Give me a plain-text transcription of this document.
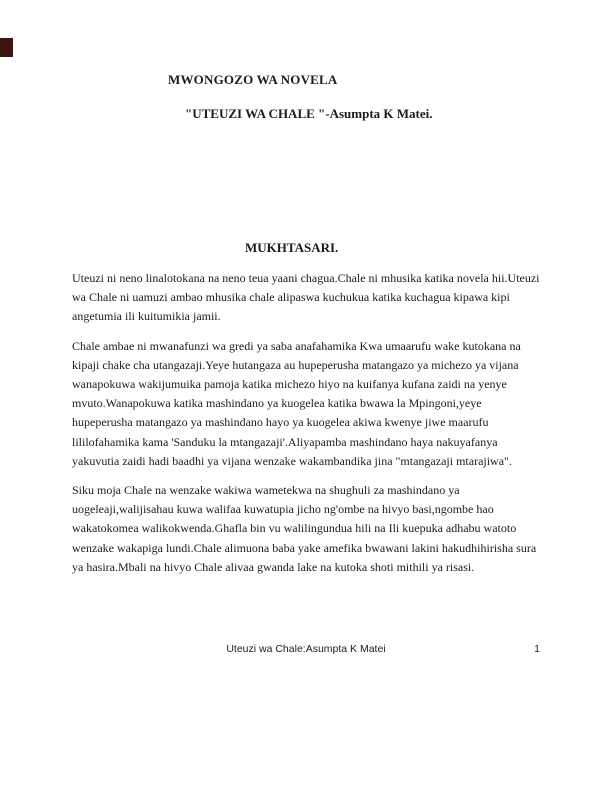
MWONGOZO WA NOVELA
"UTEUZI WA CHALE "-Asumpta K Matei.
MUKHTASARI.

Uteuzi ni neno linalotokana na neno teua yaani chagua.Chale ni mhusika katika novela hii.Uteuzi wa Chale ni uamuzi ambao mhusika chale alipaswa kuchukua katika kuchagua kipawa kipi angetumia ili kuitumikia jamii.

Chale ambae ni mwanafunzi wa gredi ya saba anafahamika Kwa umaarufu wake kutokana na kipaji chake cha utangazaji.Yeye hutangaza au hupeperusha matangazo ya michezo ya vijana wanapokuwa wakijumuika pamoja katika michezo hiyo na kuifanya kufana zaidi na yenye mvuto.Wanapokuwa katika mashindano ya kuogelea katika bwawa la Mpingoni,yeye hupeperusha matangazo ya mashindano hayo ya kuogelea akiwa kwenye jiwe maarufu lililofahamika kama 'Sanduku la mtangazaji'.Aliyapamba mashindano haya nakuyafanya yakuvutia zaidi hadi baadhi ya vijana wenzake wakambandika jina "mtangazaji mtarajiwa".

Siku moja Chale na wenzake wakiwa wametekwa na shughuli za mashindano ya uogeleaji,walijisahau kuwa walifaa kuwatupia jicho ng'ombe na hivyo basi,ngombe hao wakatokomea walikokwenda.Ghafla bin vu walilingundua hili na Ili kuepuka adhabu watoto wenzake wakapiga lundi.Chale alimuona baba yake amefika bwawani lakini hakudhihirisha sura ya hasira.Mbali na hivyo Chale alivaa gwanda lake na kutoka shoti mithili ya risasi.

Uteuzi wa Chale:Asumpta K Matei	1
